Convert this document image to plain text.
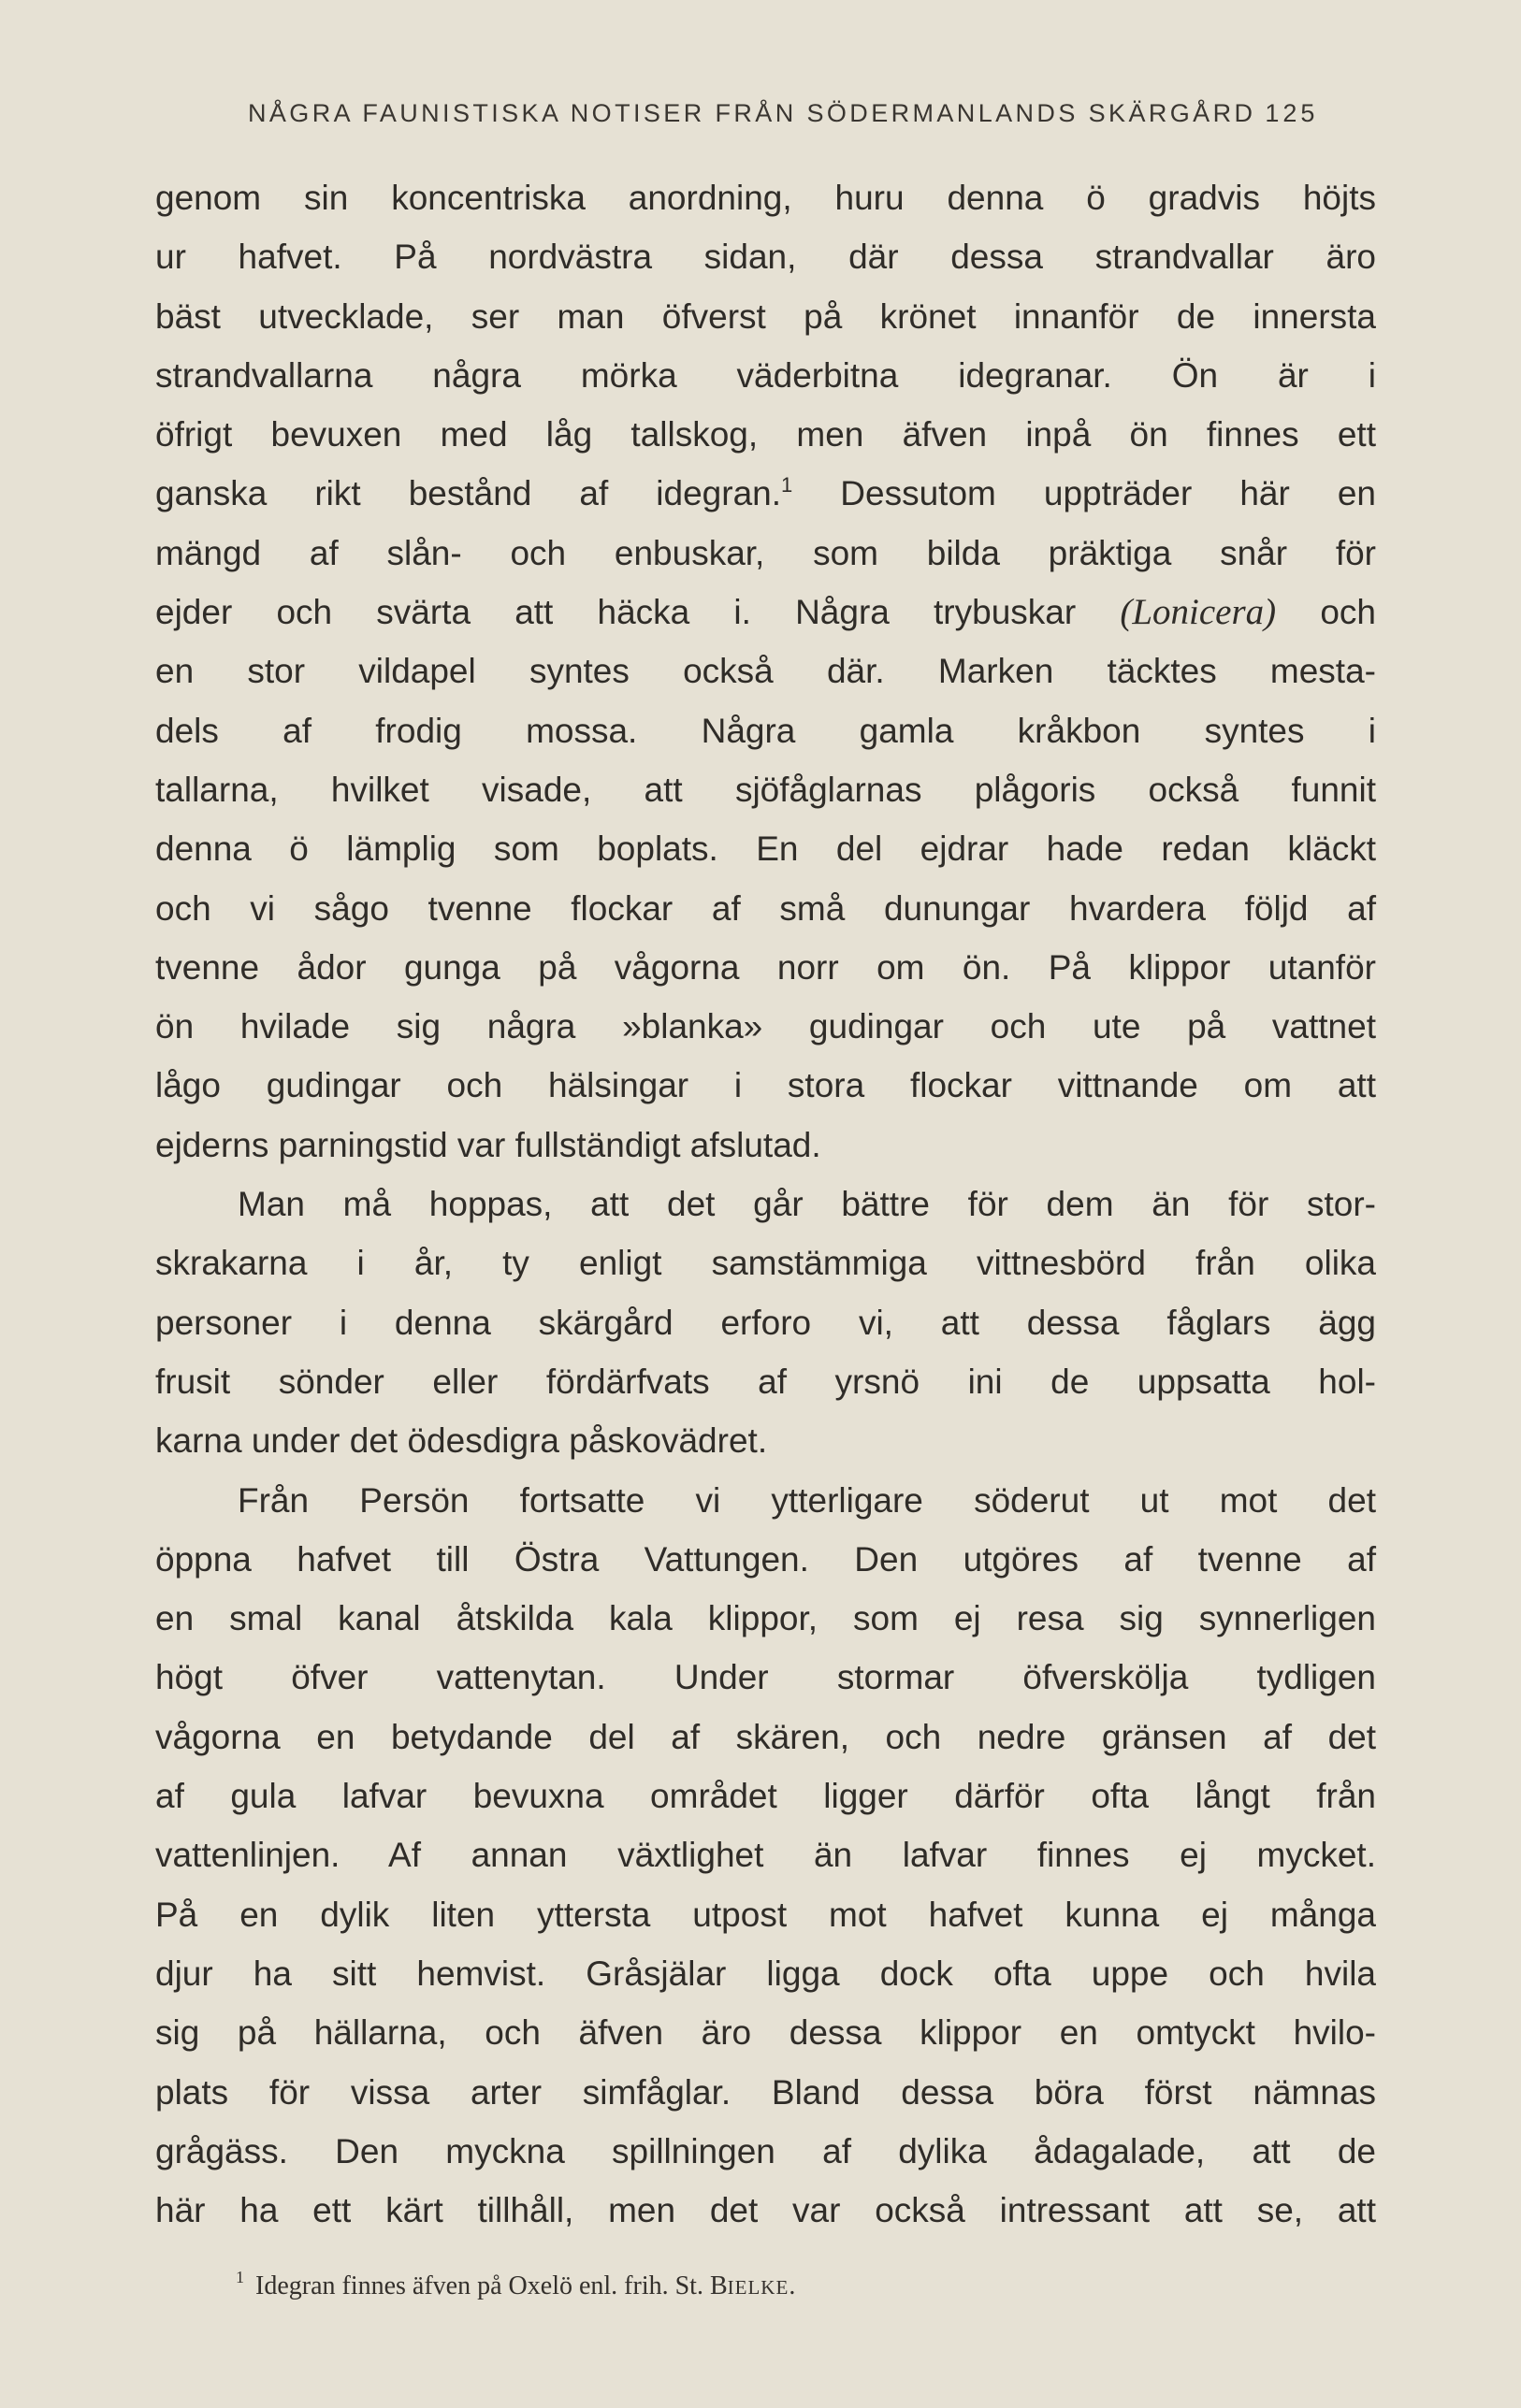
NÅGRA FAUNISTISKA NOTISER FRÅN SÖDERMANLANDS SKÄRGÅRD 125
genom sin koncentriska anordning, huru denna ö gradvis höjts
ur hafvet. På nordvästra sidan, där dessa strandvallar äro
bäst utvecklade, ser man öfverst på krönet innanför de innersta
strandvallarna några mörka väderbitna idegranar. Ön är i
öfrigt bevuxen med låg tallskog, men äfven inpå ön finnes ett
ganska rikt bestånd af idegran.$^1$ Dessutom uppträder här en
mängd af slån- och enbuskar, som bilda präktiga snår för
ejder och svärta att häcka i. Några trybuskar (Lonicera) och
en stor vildapel syntes också där. Marken täcktes mesta-
dels af frodig mossa. Några gamla kråkbon syntes i
tallarna, hvilket visade, att sjöfåglarnas plågoris också funnit
denna ö lämplig som boplats. En del ejdrar hade redan kläckt
och vi sågo tvenne flockar af små dunungar hvardera följd af
tvenne ådor gunga på vågorna norr om ön. På klippor utanför
ön hvilade sig några »blanka» gudingar och ute på vattnet
lågo gudingar och hälsingar i stora flockar vittnande om att
ejderns parningstid var fullständigt afslutad.
Man må hoppas, att det går bättre för dem än för stor-
skrakarna i år, ty enligt samstämmiga vittnesbörd från olika
personer i denna skärgård erforo vi, att dessa fåglars ägg
frusit sönder eller fördärfvats af yrsnö ini de uppsatta hol-
karna under det ödesdigra påskovädret.
Från Persön fortsatte vi ytterligare söderut ut mot det
öppna hafvet till Östra Vattungen. Den utgöres af tvenne af
en smal kanal åtskilda kala klippor, som ej resa sig synnerligen
högt öfver vattenytan. Under stormar öfverskölja tydligen
vågorna en betydande del af skären, och nedre gränsen af det
af gula lafvar bevuxna området ligger därför ofta långt från
vattenlinjen. Af annan växtlighet än lafvar finnes ej mycket.
På en dylik liten yttersta utpost mot hafvet kunna ej många
djur ha sitt hemvist. Gråsjälar ligga dock ofta uppe och hvila
sig på hällarna, och äfven äro dessa klippor en omtyckt hvilo-
plats för vissa arter simfåglar. Bland dessa böra först nämnas
grågäss. Den myckna spillningen af dylika ådagalade, att de
här ha ett kärt tillhåll, men det var också intressant att se, att
$^1$ Idegran finnes äfven på Oxelö enl. frih. St. BIELKE.
